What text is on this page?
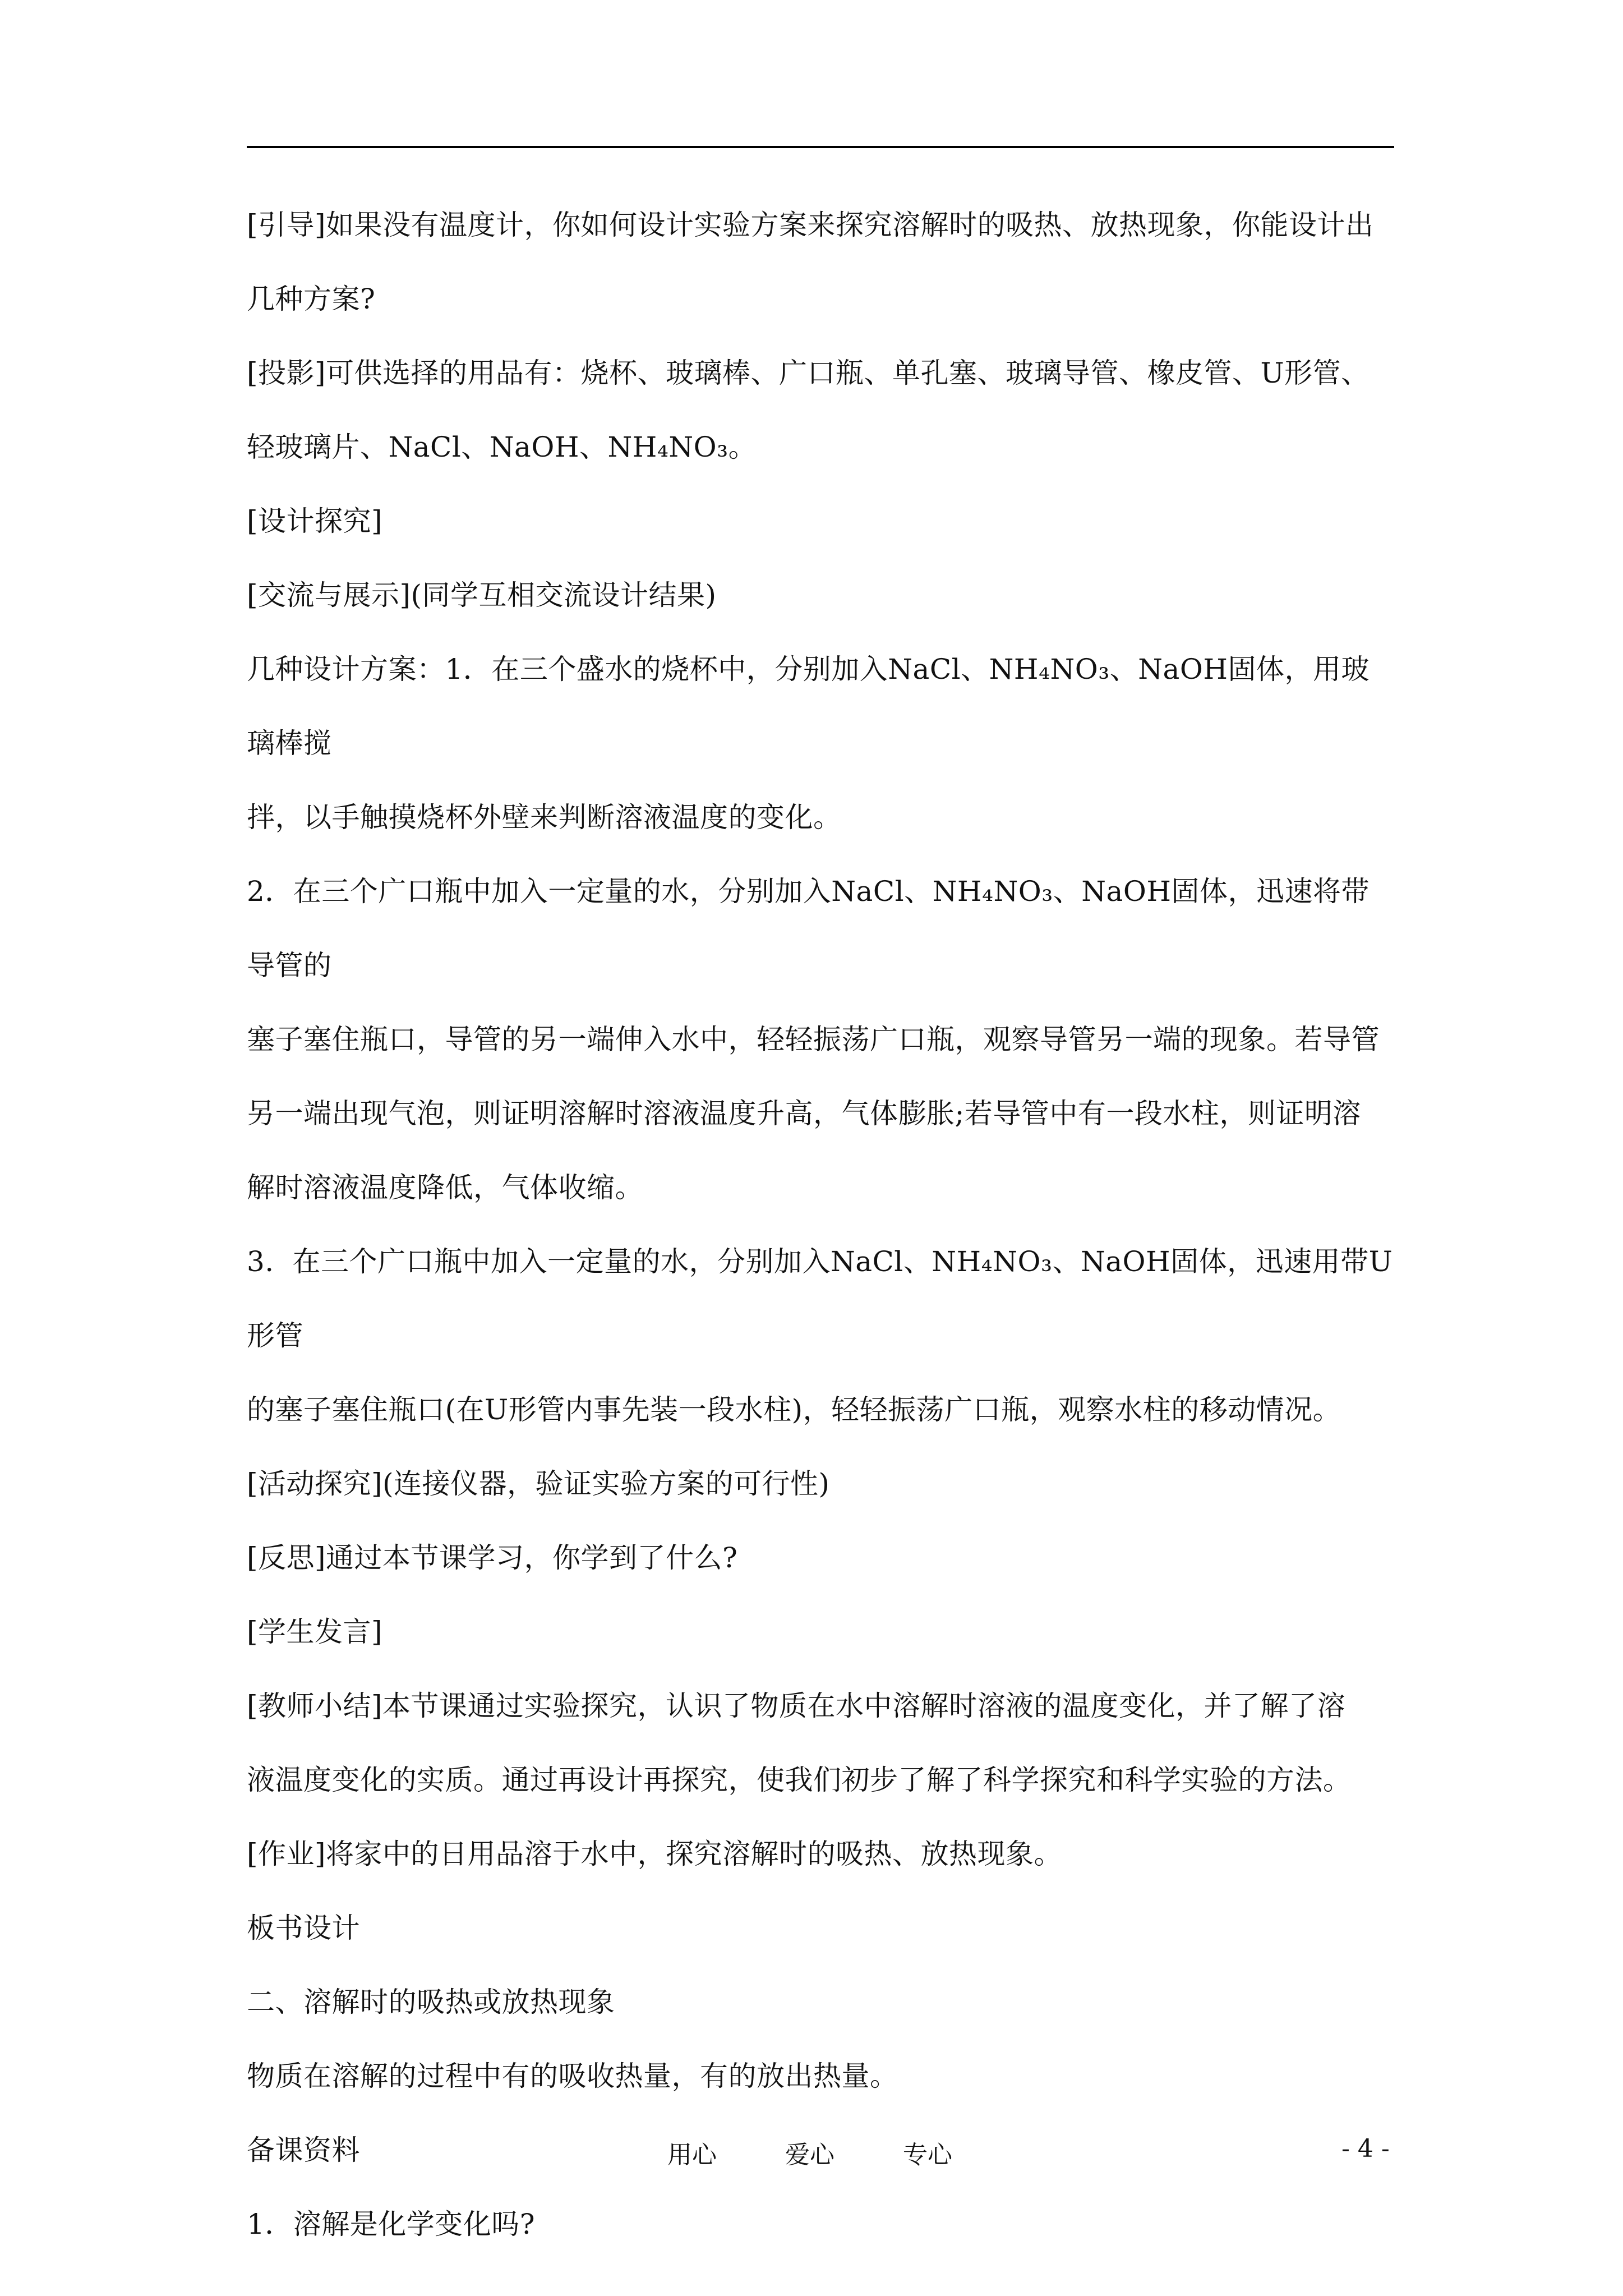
[引导]如果没有温度计，你如何设计实验方案来探究溶解时的吸热、放热现象，你能设计出

几种方案?

[投影]可供选择的用品有：烧杯、玻璃棒、广口瓶、单孔塞、玻璃导管、橡皮管、U形管、

轻玻璃片、NaCl、NaOH、NH₄NO₃。

[设计探究]

[交流与展示](同学互相交流设计结果)

几种设计方案：1．在三个盛水的烧杯中，分别加入NaCl、NH₄NO₃、NaOH固体，用玻璃棒搅

拌，以手触摸烧杯外壁来判断溶液温度的变化。

2．在三个广口瓶中加入一定量的水，分别加入NaCl、NH₄NO₃、NaOH固体，迅速将带导管的

塞子塞住瓶口，导管的另一端伸入水中，轻轻振荡广口瓶，观察导管另一端的现象。若导管

另一端出现气泡，则证明溶解时溶液温度升高，气体膨胀;若导管中有一段水柱，则证明溶

解时溶液温度降低，气体收缩。

3.  在三个广口瓶中加入一定量的水，分别加入NaCl、NH₄NO₃、NaOH固体，迅速用带U形管

的塞子塞住瓶口(在U形管内事先装一段水柱)，轻轻振荡广口瓶，观察水柱的移动情况。

[活动探究](连接仪器，验证实验方案的可行性)

[反思]通过本节课学习，你学到了什么?

[学生发言]

[教师小结]本节课通过实验探究，认识了物质在水中溶解时溶液的温度变化，并了解了溶

液温度变化的实质。通过再设计再探究，使我们初步了解了科学探究和科学实验的方法。

[作业]将家中的日用品溶于水中，探究溶解时的吸热、放热现象。

板书设计

二、溶解时的吸热或放热现象

物质在溶解的过程中有的吸收热量，有的放出热量。

备课资料

1．溶解是化学变化吗?

用心	爱心	专心	- 4 -
